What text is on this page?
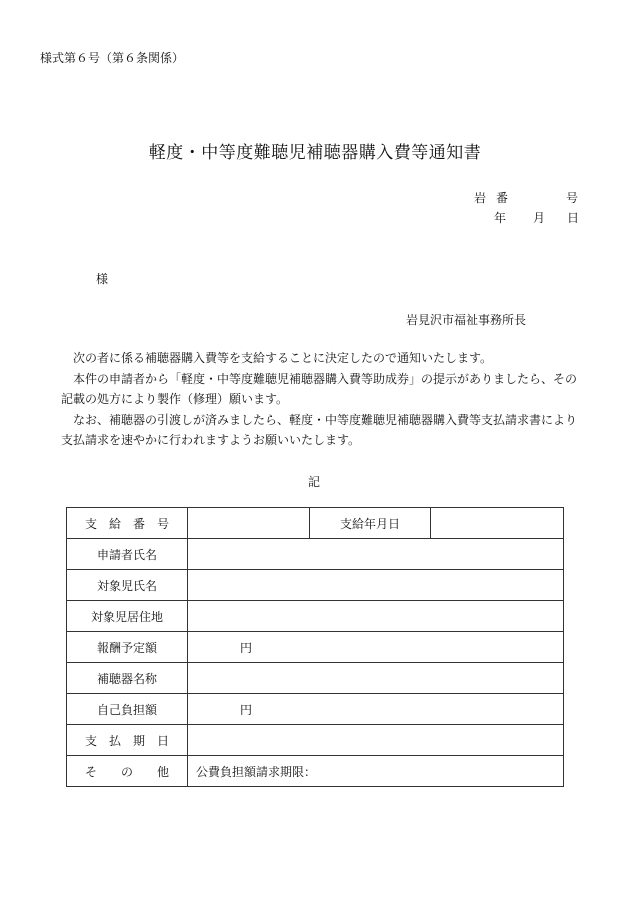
様式第６号（第６条関係）
軽度・中等度難聴児補聴器購入費等通知書
岩 番	号
年 月 日
様
岩見沢市福祉事務所長

　次の者に係る補聴器購入費等を支給することに決定したので通知いたします。

　本件の申請者から「軽度・中等度難聴児補聴器購入費等助成券」の提示がありましたら、その記載の処方により製作（修理）願います。

　なお、補聴器の引渡しが済みましたら、軽度・中等度難聴児補聴器購入費等支払請求書により支払請求を速やかに行われますようお願いいたします。

記
支　給　番　号		支給年月日	
申請者氏名			
対象児氏名			
対象児居住地			
報酬予定額	円		
補聴器名称			
自己負担額	円		
支　払　期　日			
そ　　の　　他	公費負担額請求期限：		
